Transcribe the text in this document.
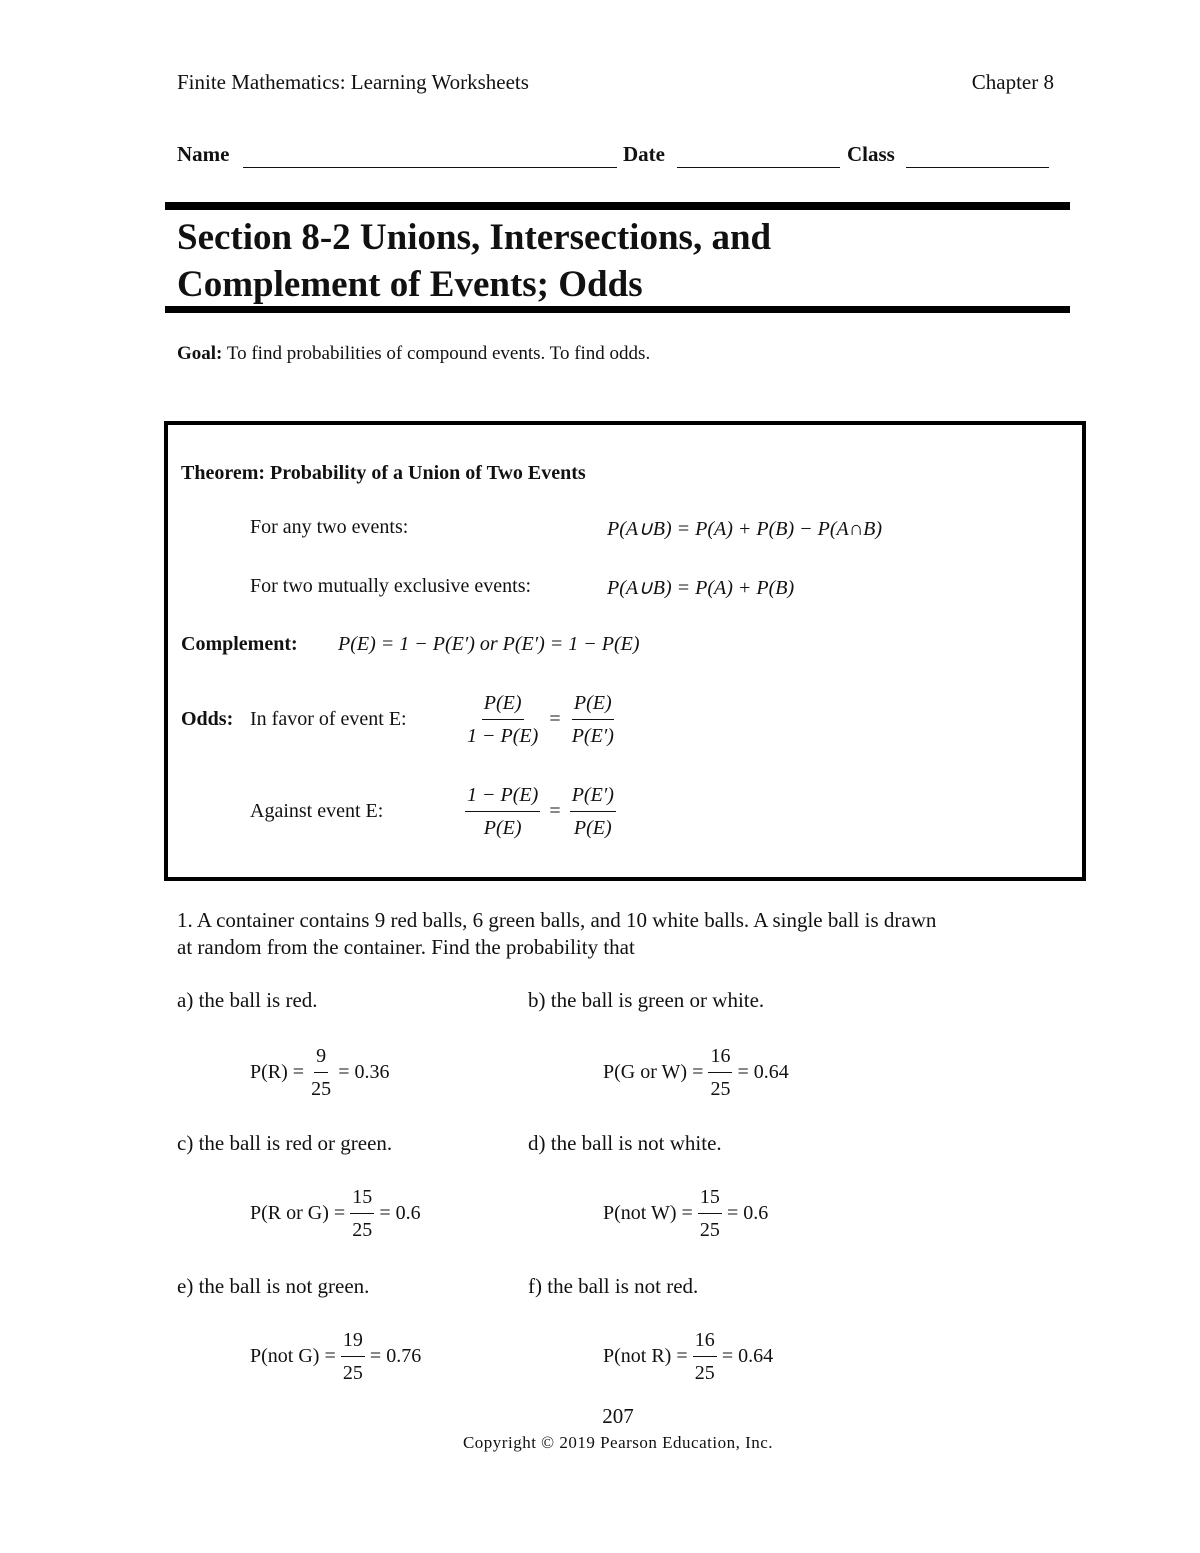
Finite Mathematics: Learning Worksheets	Chapter 8
Name	Date	Class
Section 8-2 Unions, Intersections, and
Complement of Events; Odds
Goal: To find probabilities of compound events. To find odds.
Theorem: Probability of a Union of Two Events
For any two events:	P(A∪B) = P(A) + P(B) − P(A∩B)
For two mutually exclusive events:	P(A∪B) = P(A) + P(B)
Complement: P(E) = 1 − P(E′) or P(E′) = 1 − P(E)
Odds: In favor of event E:	$\frac{P(E)}{1 - P(E)} = \frac{P(E)}{P(E')}$
Against event E:	$\frac{1 - P(E)}{P(E)} = \frac{P(E')}{P(E)}$
1. A container contains 9 red balls, 6 green balls, and 10 white balls. A single ball is drawn
at random from the container. Find the probability that
a) the ball is red.
$P(R) = \frac{9}{25} = 0.36$
b) the ball is green or white.
P(G or $W) = \frac{16}{25} = 0.64$
c) the ball is red or green.
P(R or $G) = \frac{15}{25} = 0.6$
d) the ball is not white.
P(not $W) = \frac{15}{25} = 0.6$
e) the ball is not green.
P(not $G) = \frac{19}{25} = 0.76$
f) the ball is not red.
P(not $R) = \frac{16}{25} = 0.64$
207
Copyright © 2019 Pearson Education, Inc.
